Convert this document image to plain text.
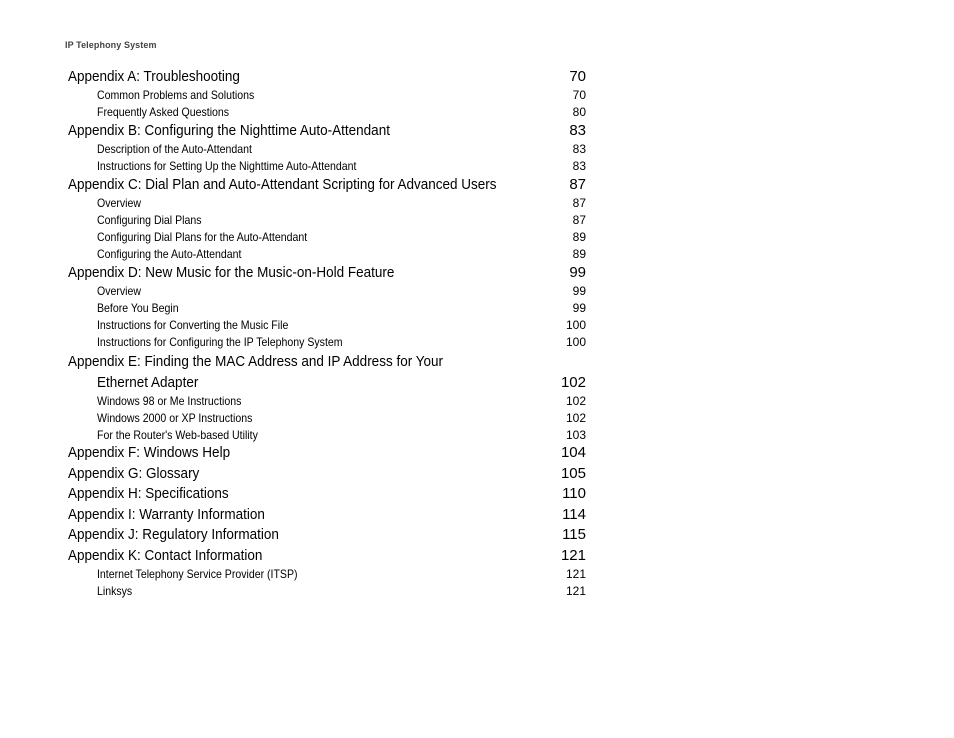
IP Telephony System
Appendix A: Troubleshooting	70
Common Problems and Solutions	70
Frequently Asked Questions	80
Appendix B: Configuring the Nighttime Auto-Attendant	83
Description of the Auto-Attendant	83
Instructions for Setting Up the Nighttime Auto-Attendant	83
Appendix C: Dial Plan and Auto-Attendant Scripting for Advanced Users	87
Overview	87
Configuring Dial Plans	87
Configuring Dial Plans for the Auto-Attendant	89
Configuring the Auto-Attendant	89
Appendix D: New Music for the Music-on-Hold Feature	99
Overview	99
Before You Begin	99
Instructions for Converting the Music File	100
Instructions for Configuring the IP Telephony System	100
Appendix E: Finding the MAC Address and IP Address for Your
Ethernet Adapter	102
Windows 98 or Me Instructions	102
Windows 2000 or XP Instructions	102
For the Router's Web-based Utility	103
Appendix F: Windows Help	104
Appendix G: Glossary	105
Appendix H: Specifications	110
Appendix I: Warranty Information	114
Appendix J: Regulatory Information	115
Appendix K: Contact Information	121
Internet Telephony Service Provider (ITSP)	121
Linksys	121
